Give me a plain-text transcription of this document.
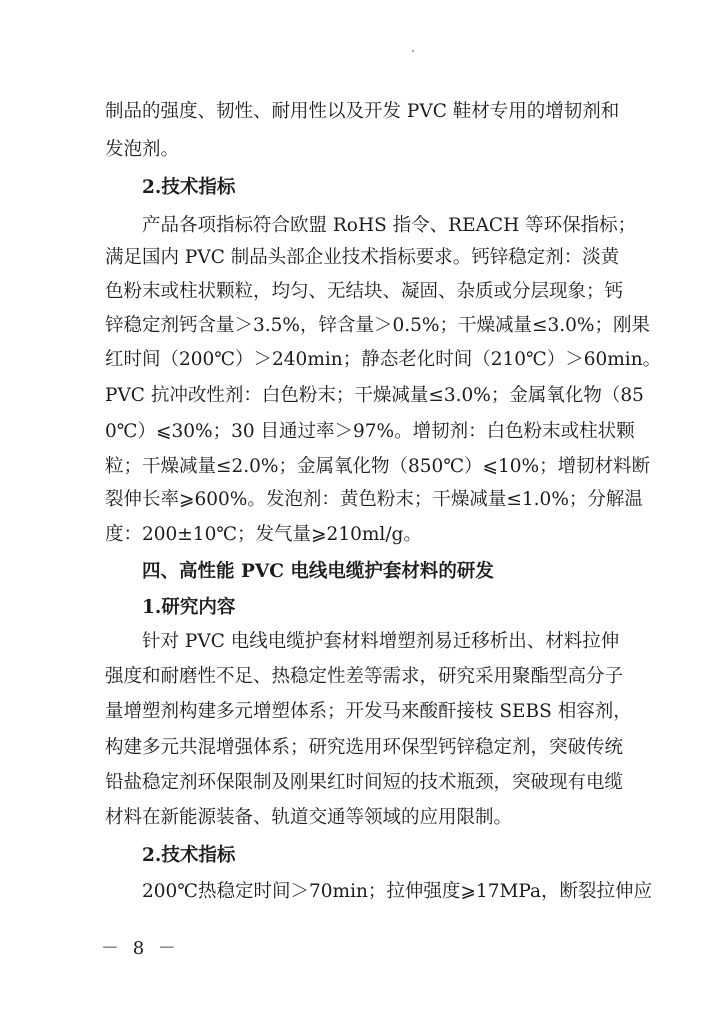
制品的强度、韧性、耐用性以及开发 PVC 鞋材专用的增韧剂和
发泡剂。
2.技术指标
产品各项指标符合欧盟 RoHS 指令、REACH 等环保指标；
满足国内 PVC 制品头部企业技术指标要求。钙锌稳定剂：淡黄
色粉末或柱状颗粒，均匀、无结块、凝固、杂质或分层现象；钙
锌稳定剂钙含量＞3.5%，锌含量＞0.5%；干燥减量≤3.0%；刚果
红时间（200℃）＞240min；静态老化时间（210℃）＞60min。
PVC 抗冲改性剂：白色粉末；干燥减量≤3.0%；金属氧化物（85
0℃）⩽30%；30 目通过率＞97%。增韧剂：白色粉末或柱状颗
粒；干燥减量≤2.0%；金属氧化物（850℃）⩽10%；增韧材料断
裂伸长率⩾600%。发泡剂：黄色粉末；干燥减量≤1.0%；分解温
度：200±10℃；发气量⩾210ml/g。
四、高性能 PVC 电线电缆护套材料的研发
1.研究内容
针对 PVC 电线电缆护套材料增塑剂易迁移析出、材料拉伸
强度和耐磨性不足、热稳定性差等需求，研究采用聚酯型高分子
量增塑剂构建多元增塑体系；开发马来酸酐接枝 SEBS 相容剂，
构建多元共混增强体系；研究选用环保型钙锌稳定剂，突破传统
铅盐稳定剂环保限制及刚果红时间短的技术瓶颈，突破现有电缆
材料在新能源装备、轨道交通等领域的应用限制。
2.技术指标
200℃热稳定时间＞70min；拉伸强度⩾17MPa，断裂拉伸应
－ 8 －
